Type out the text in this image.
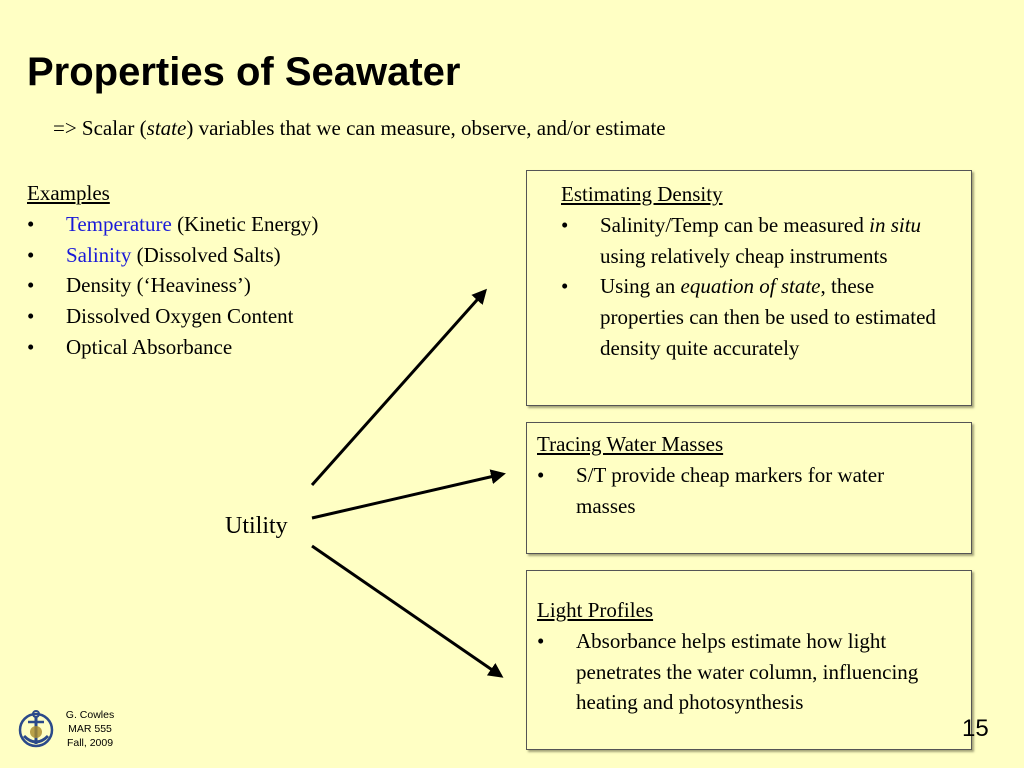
Properties of Seawater
=> Scalar (state) variables that we can measure, observe, and/or estimate
Examples
• Temperature (Kinetic Energy)
• Salinity (Dissolved Salts)
• Density (‘Heaviness’)
• Dissolved Oxygen Content
• Optical Absorbance
Utility
Estimating Density
• Salinity/Temp can be measured in situ  using relatively cheap instruments
• Using an equation of state, these properties can then be used to estimated density quite accurately
Tracing Water Masses
• S/T provide cheap markers for water masses
Light Profiles
• Absorbance helps estimate how light penetrates the water column, influencing heating and photosynthesis
G. Cowles
MAR 555
Fall, 2009
15
